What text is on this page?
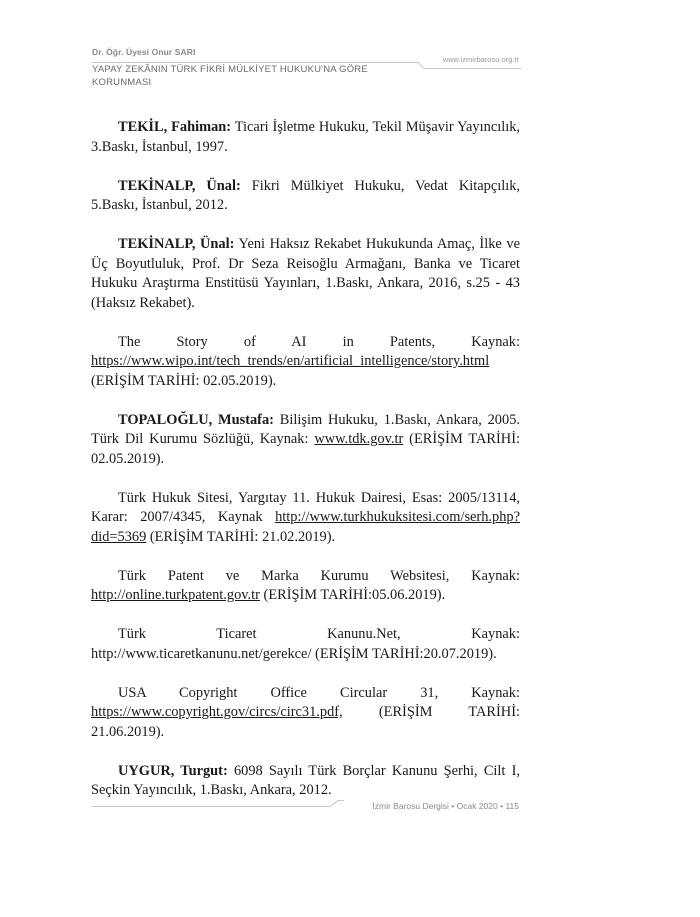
Dr. Öğr. Üyesi Onur SARI
YAPAY ZEKÂNIN TÜRK FİKRİ MÜLKİYET HUKUKU'NA GÖRE KORUNMASI
www.izmirbarosu.org.tr

TEKİL, Fahiman: Ticari İşletme Hukuku, Tekil Müşavir Yayıncılık, 3.Baskı, İstanbul, 1997.

TEKİNALP, Ünal: Fikri Mülkiyet Hukuku, Vedat Kitapçılık, 5.Baskı, İstanbul, 2012.

TEKİNALP, Ünal: Yeni Haksız Rekabet Hukukunda Amaç, İlke ve Üç Boyutluluk, Prof. Dr Seza Reisoğlu Armağanı, Banka ve Ticaret Hukuku Araştırma Enstitüsü Yayınları, 1.Baskı, Ankara, 2016, s.25 - 43 (Haksız Rekabet).

The Story of AI in Patents, Kaynak: https://www.wipo.int/tech_trends/en/artificial_intelligence/story.html (ERİŞİM TARİHİ: 02.05.2019).

TOPALOĞLU, Mustafa: Bilişim Hukuku, 1.Baskı, Ankara, 2005. Türk Dil Kurumu Sözlüğü, Kaynak: www.tdk.gov.tr (ERİŞİM TARİHİ: 02.05.2019).

Türk Hukuk Sitesi, Yargıtay 11. Hukuk Dairesi, Esas: 2005/13114, Karar: 2007/4345, Kaynak http://www.turkhukuksitesi.com/serh.php?did=5369 (ERİŞİM TARİHİ: 21.02.2019).

Türk Patent ve Marka Kurumu Websitesi, Kaynak: http://online.turkpatent.gov.tr (ERİŞİM TARİHİ:05.06.2019).

Türk Ticaret Kanunu.Net, Kaynak: http://www.ticaretkanunu.net/gerekce/ (ERİŞİM TARİHİ:20.07.2019).

USA Copyright Office Circular 31, Kaynak: https://www.copyright.gov/circs/circ31.pdf, (ERİŞİM TARİHİ: 21.06.2019).

UYGUR, Turgut: 6098 Sayılı Türk Borçlar Kanunu Şerhi, Cilt I, Seçkin Yayıncılık, 1.Baskı, Ankara, 2012.

İzmir Barosu Dergisi • Ocak 2020 • 115
